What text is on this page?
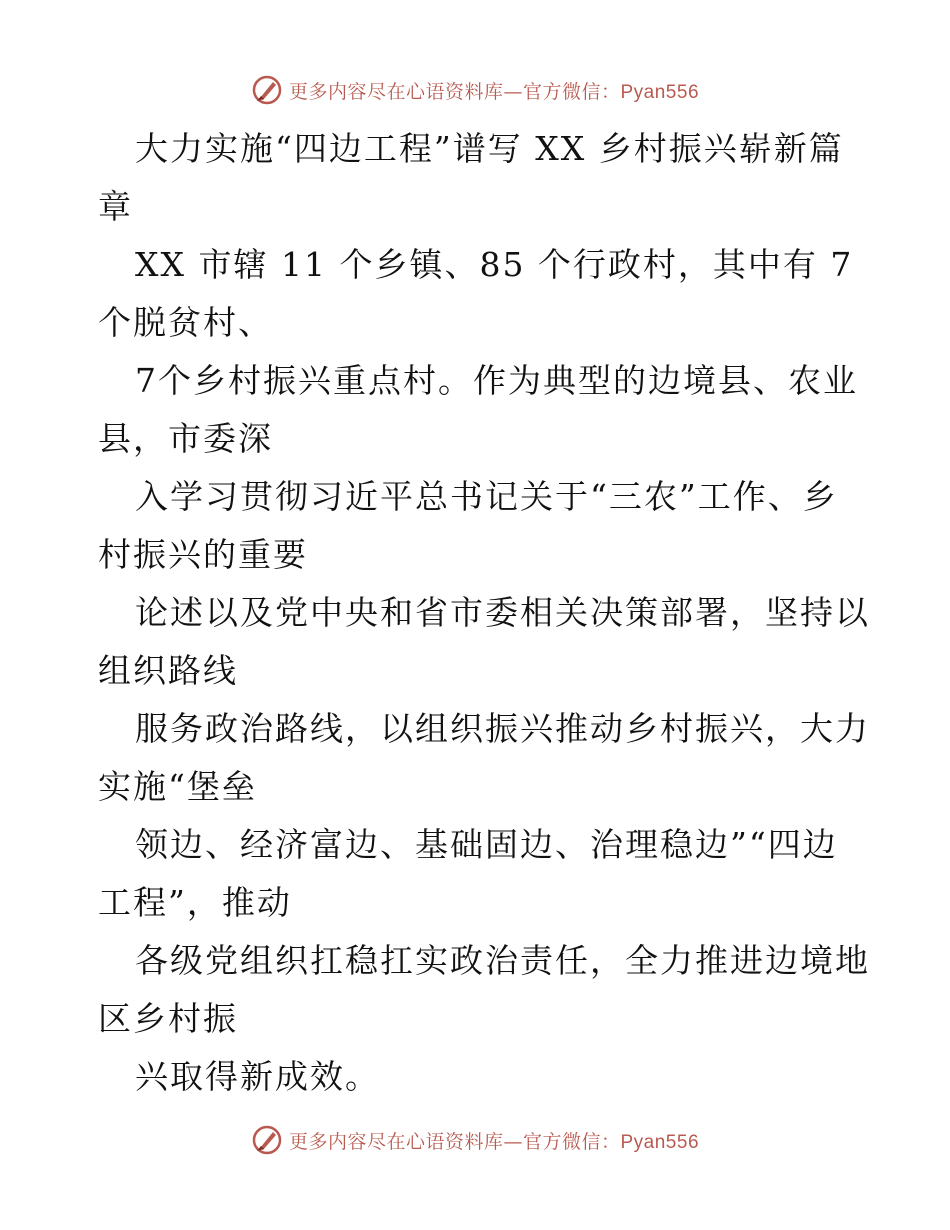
更多内容尽在心语资料库—官方微信：Pyan556
大力实施“四边工程”谱写 XX 乡村振兴崭新篇
章
XX 市辖 11 个乡镇、85 个行政村，其中有 7
个脱贫村、
7个乡村振兴重点村。作为典型的边境县、农业
县，市委深
入学习贯彻习近平总书记关于“三农”工作、乡
村振兴的重要
论述以及党中央和省市委相关决策部署，坚持以
组织路线
服务政治路线，以组织振兴推动乡村振兴，大力
实施“堡垒
领边、经济富边、基础固边、治理稳边”“四边
工程”，推动
各级党组织扛稳扛实政治责任，全力推进边境地
区乡村振
兴取得新成效。
更多内容尽在心语资料库—官方微信：Pyan556
